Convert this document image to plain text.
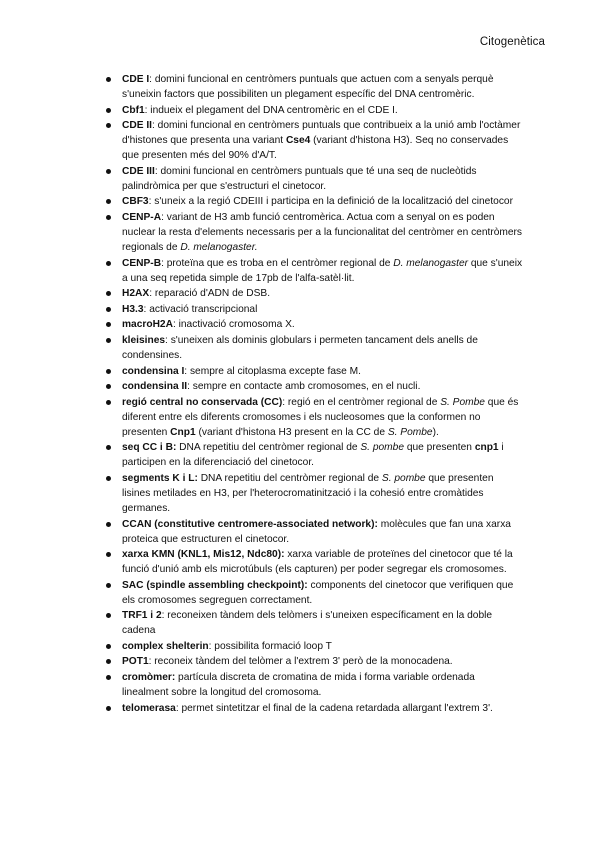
Citogenètica
CDE I: domini funcional en centròmers puntuals que actuen com a senyals perquè s'uneixin factors que possibiliten un plegament específic del DNA centromèric.
Cbf1: indueix el plegament del DNA centromèric en el CDE I.
CDE II: domini funcional en centròmers puntuals que contribueix a la unió amb l'octàmer d'histones que presenta una variant Cse4 (variant d'histona H3). Seq no conservades que presenten més del 90% d'A/T.
CDE III: domini funcional en centròmers puntuals que té una seq de nucleòtids palindròmica per que s'estructuri el cinetocor.
CBF3: s'uneix a la regió CDEIII i participa en la definició de la localització del cinetocor
CENP-A: variant de H3 amb funció centromèrica. Actua com a senyal on es poden nuclear la resta d'elements necessaris per a la funcionalitat del centròmer en centròmers regionals de D. melanogaster.
CENP-B: proteïna que es troba en el centròmer regional de D. melanogaster que s'uneix a una seq repetida simple de 17pb de l'alfa-satèl·lit.
H2AX: reparació d'ADN de DSB.
H3.3: activació transcripcional
macroH2A: inactivació cromosoma X.
kleisines: s'uneixen als dominis globulars i permeten tancament dels anells de condensines.
condensina I: sempre al citoplasma excepte fase M.
condensina II: sempre en contacte amb cromosomes, en el nucli.
regió central no conservada (CC): regió en el centròmer regional de S. Pombe que és diferent entre els diferents cromosomes i els nucleosomes que la conformen no presenten Cnp1 (variant d'histona H3 present en la CC de S. Pombe).
seq CC i B: DNA repetitiu del centròmer regional de S. pombe que presenten cnp1 i participen en la diferenciació del cinetocor.
segments K i L: DNA repetitiu del centròmer regional de S. pombe que presenten lisines metilades en H3, per l'heterocromatinització i la cohesió entre cromàtides germanes.
CCAN (constitutive centromere-associated network): molècules que fan una xarxa proteica que estructuren el cinetocor.
xarxa KMN (KNL1, Mis12, Ndc80): xarxa variable de proteïnes del cinetocor que té la funció d'unió amb els microtúbuls (els capturen) per poder segregar els cromosomes.
SAC (spindle assembling checkpoint): components del cinetocor que verifiquen que els cromosomes segreguen correctament.
TRF1 i 2: reconeixen tàndem dels telòmers i s'uneixen específicament en la doble cadena
complex shelterin: possibilita formació loop T
POT1: reconeix tàndem del telòmer a l'extrem 3' però de la monocadena.
cromòmer: partícula discreta de cromatina de mida i forma variable ordenada linealment sobre la longitud del cromosoma.
telomerasa: permet sintetitzar el final de la cadena retardada allargant l'extrem 3'.
